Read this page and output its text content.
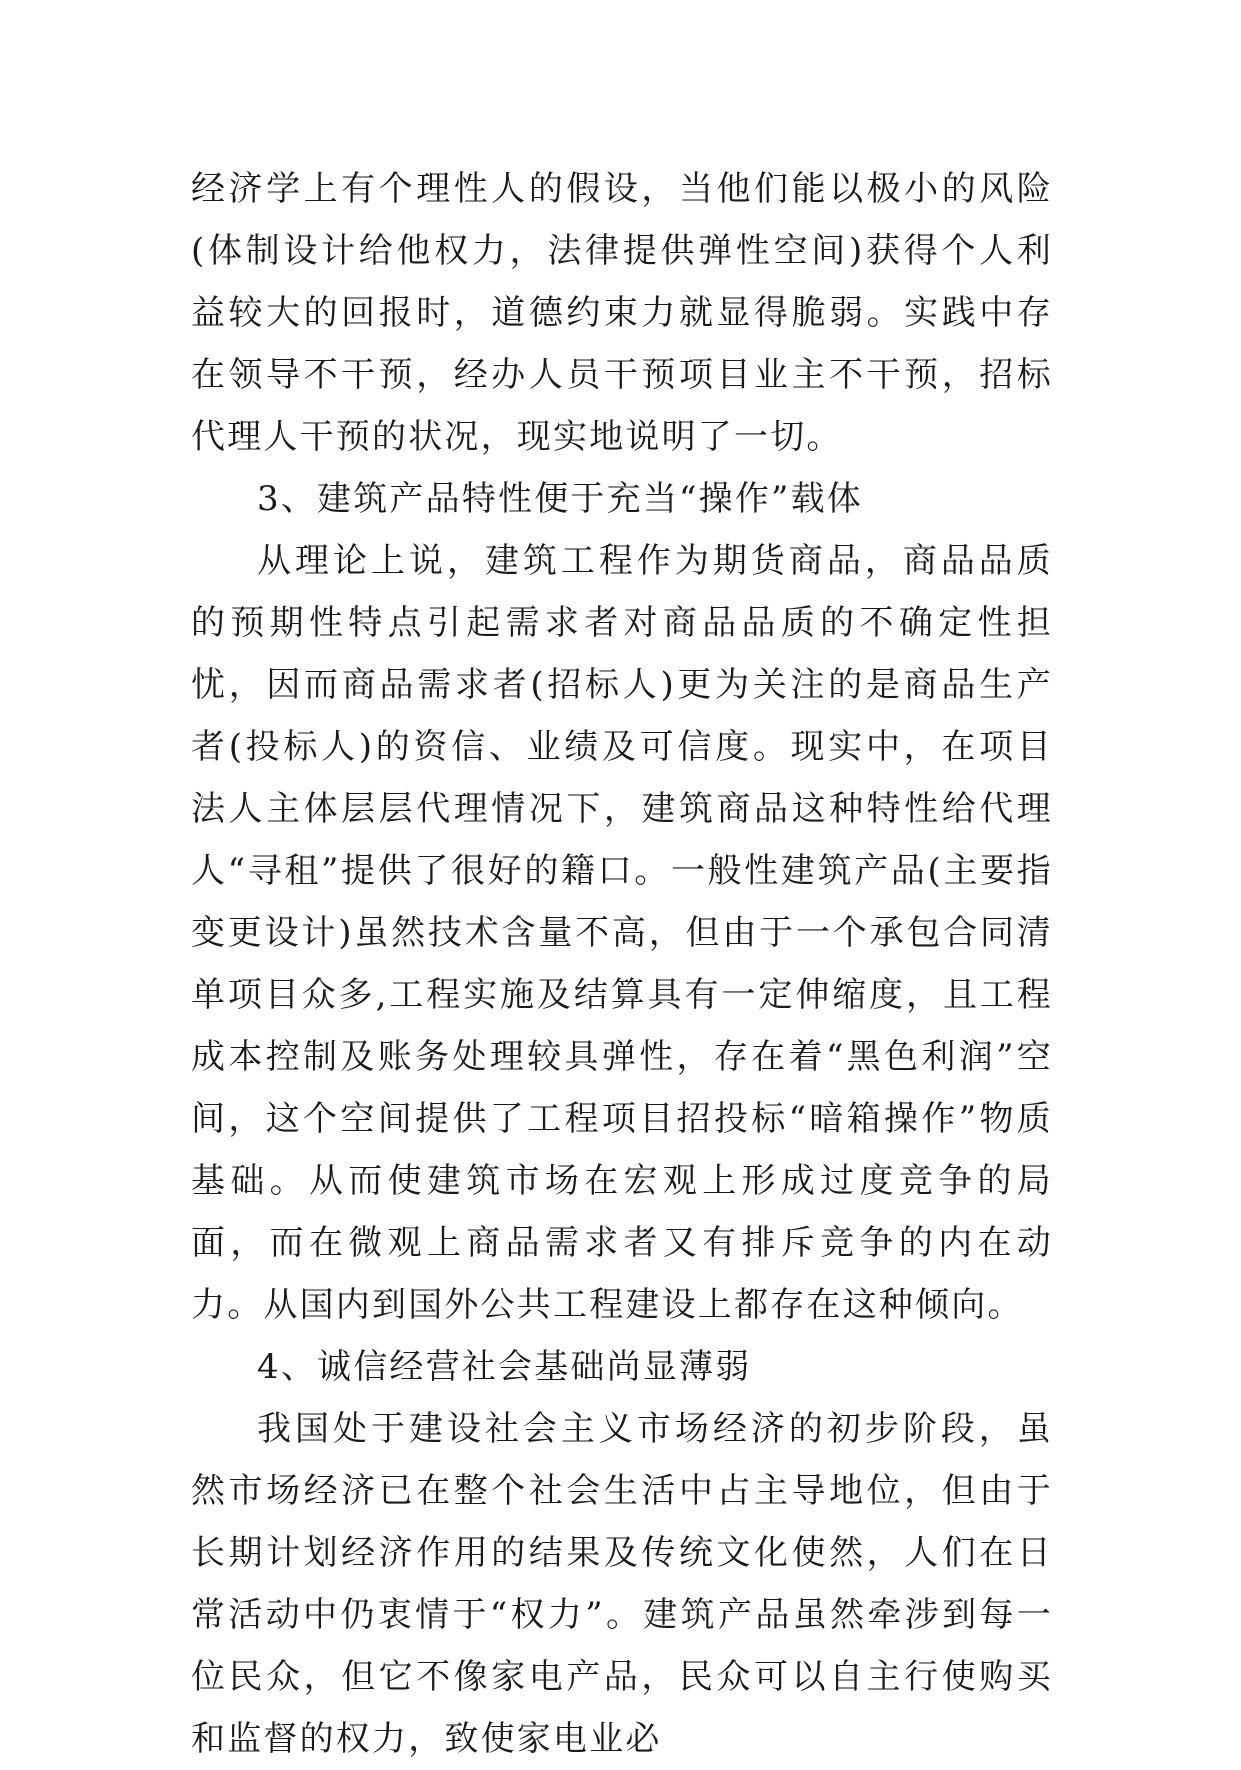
经济学上有个理性人的假设，当他们能以极小的风险(体制设计给他权力，法律提供弹性空间)获得个人利益较大的回报时，道德约束力就显得脆弱。实践中存在领导不干预，经办人员干预项目业主不干预，招标代理人干预的状况，现实地说明了一切。

3、建筑产品特性便于充当“操作”载体

从理论上说，建筑工程作为期货商品，商品品质的预期性特点引起需求者对商品品质的不确定性担忧，因而商品需求者(招标人)更为关注的是商品生产者(投标人)的资信、业绩及可信度。现实中，在项目法人主体层层代理情况下，建筑商品这种特性给代理人“寻租”提供了很好的籍口。一般性建筑产品(主要指变更设计)虽然技术含量不高，但由于一个承包合同清单项目众多,工程实施及结算具有一定伸缩度，且工程成本控制及账务处理较具弹性，存在着“黑色利润”空间，这个空间提供了工程项目招投标“暗箱操作”物质基础。从而使建筑市场在宏观上形成过度竞争的局面，而在微观上商品需求者又有排斥竞争的内在动力。从国内到国外公共工程建设上都存在这种倾向。

4、诚信经营社会基础尚显薄弱

我国处于建设社会主义市场经济的初步阶段，虽然市场经济已在整个社会生活中占主导地位，但由于长期计划经济作用的结果及传统文化使然，人们在日常活动中仍衷情于“权力”。建筑产品虽然牵涉到每一位民众，但它不像家电产品，民众可以自主行使购买和监督的权力，致使家电业必
